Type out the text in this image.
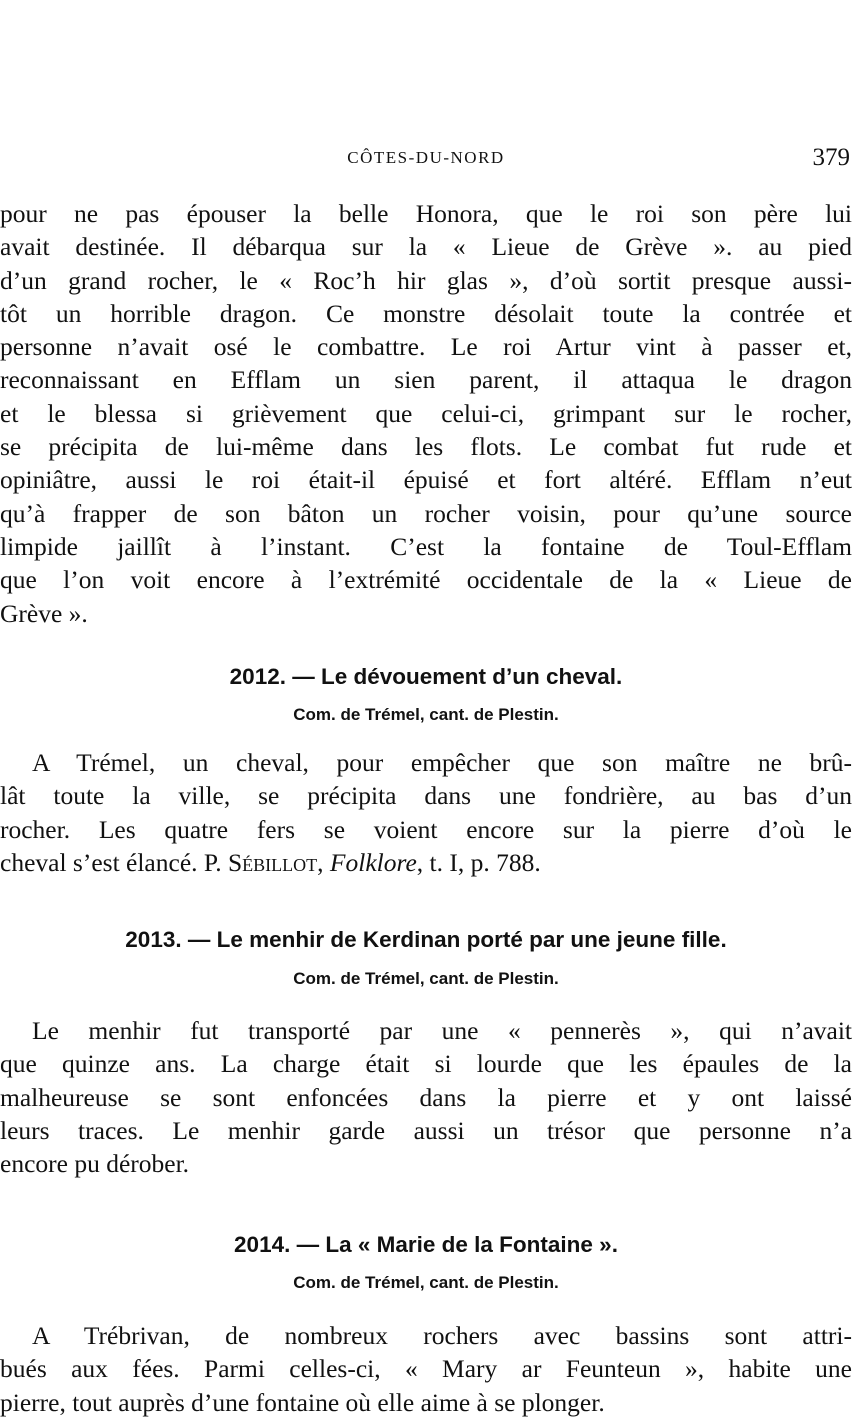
CÔTES-DU-NORD	379
pour ne pas épouser la belle Honora, que le roi son père lui
avait destinée. Il débarqua sur la « Lieue de Grève ». au pied
d’un grand rocher, le « Roc’h hir glas », d’où sortit presque aussi-
tôt un horrible dragon. Ce monstre désolait toute la contrée et
personne n’avait osé le combattre. Le roi Artur vint à passer et,
reconnaissant en Efflam un sien parent, il attaqua le dragon
et le blessa si grièvement que celui-ci, grimpant sur le rocher,
se précipita de lui-même dans les flots. Le combat fut rude et
opiniâtre, aussi le roi était-il épuisé et fort altéré. Efflam n’eut
qu’à frapper de son bâton un rocher voisin, pour qu’une source
limpide jaillît à l’instant. C’est la fontaine de Toul-Efflam
que l’on voit encore à l’extrémité occidentale de la « Lieue de
Grève ».
2012. — Le dévouement d’un cheval.
Com. de Trémel, cant. de Plestin.
A Trémel, un cheval, pour empêcher que son maître ne brû-
lât toute la ville, se précipita dans une fondrière, au bas d’un
rocher. Les quatre fers se voient encore sur la pierre d’où le
cheval s’est élancé. P. Sébillot, Folklore, t. I, p. 788.
2013. — Le menhir de Kerdinan porté par une jeune fille.
Com. de Trémel, cant. de Plestin.
Le menhir fut transporté par une « pennerès », qui n’avait
que quinze ans. La charge était si lourde que les épaules de la
malheureuse se sont enfoncées dans la pierre et y ont laissé
leurs traces. Le menhir garde aussi un trésor que personne n’a
encore pu dérober.
2014. — La « Marie de la Fontaine ».
Com. de Trémel, cant. de Plestin.
A Trébrivan, de nombreux rochers avec bassins sont attri-
bués aux fées. Parmi celles-ci, « Mary ar Feunteun », habite une
pierre, tout auprès d’une fontaine où elle aime à se plonger.
